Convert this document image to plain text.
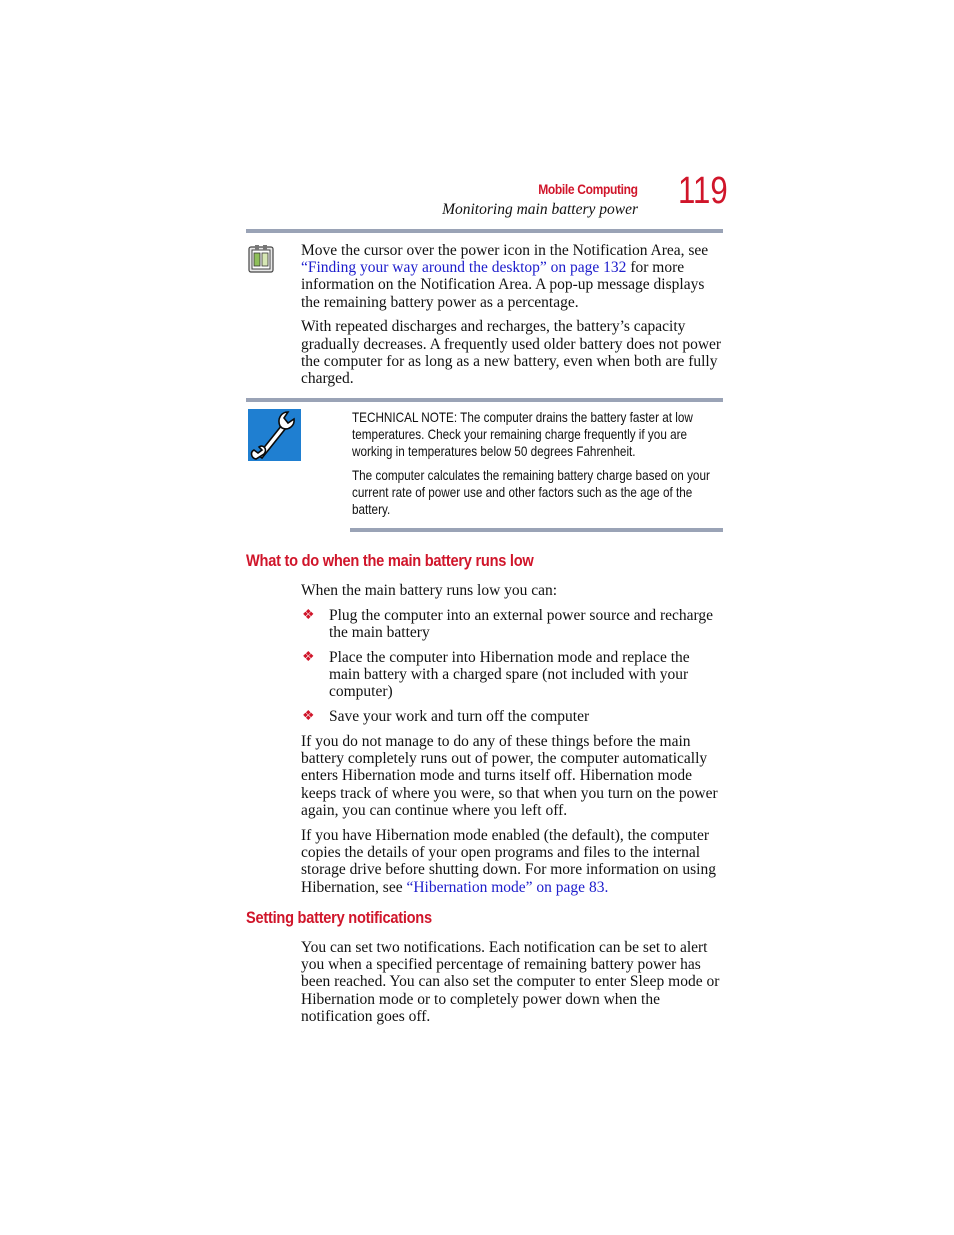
Mobile Computing
Monitoring main battery power 119

Move the cursor over the power icon in the Notification Area, see “Finding your way around the desktop” on page 132 for more information on the Notification Area. A pop-up message displays the remaining battery power as a percentage.

With repeated discharges and recharges, the battery’s capacity gradually decreases. A frequently used older battery does not power the computer for as long as a new battery, even when both are fully charged.

TECHNICAL NOTE: The computer drains the battery faster at low temperatures. Check your remaining charge frequently if you are working in temperatures below 50 degrees Fahrenheit.
The computer calculates the remaining battery charge based on your current rate of power use and other factors such as the age of the battery.
What to do when the main battery runs low
When the main battery runs low you can:
❖ Plug the computer into an external power source and recharge the main battery
❖ Place the computer into Hibernation mode and replace the main battery with a charged spare (not included with your computer)
❖ Save your work and turn off the computer
If you do not manage to do any of these things before the main battery completely runs out of power, the computer automatically enters Hibernation mode and turns itself off. Hibernation mode keeps track of where you were, so that when you turn on the power again, you can continue where you left off.
If you have Hibernation mode enabled (the default), the computer copies the details of your open programs and files to the internal storage drive before shutting down. For more information on using Hibernation, see “Hibernation mode” on page 83.
Setting battery notifications
You can set two notifications. Each notification can be set to alert you when a specified percentage of remaining battery power has been reached. You can also set the computer to enter Sleep mode or Hibernation mode or to completely power down when the notification goes off.
